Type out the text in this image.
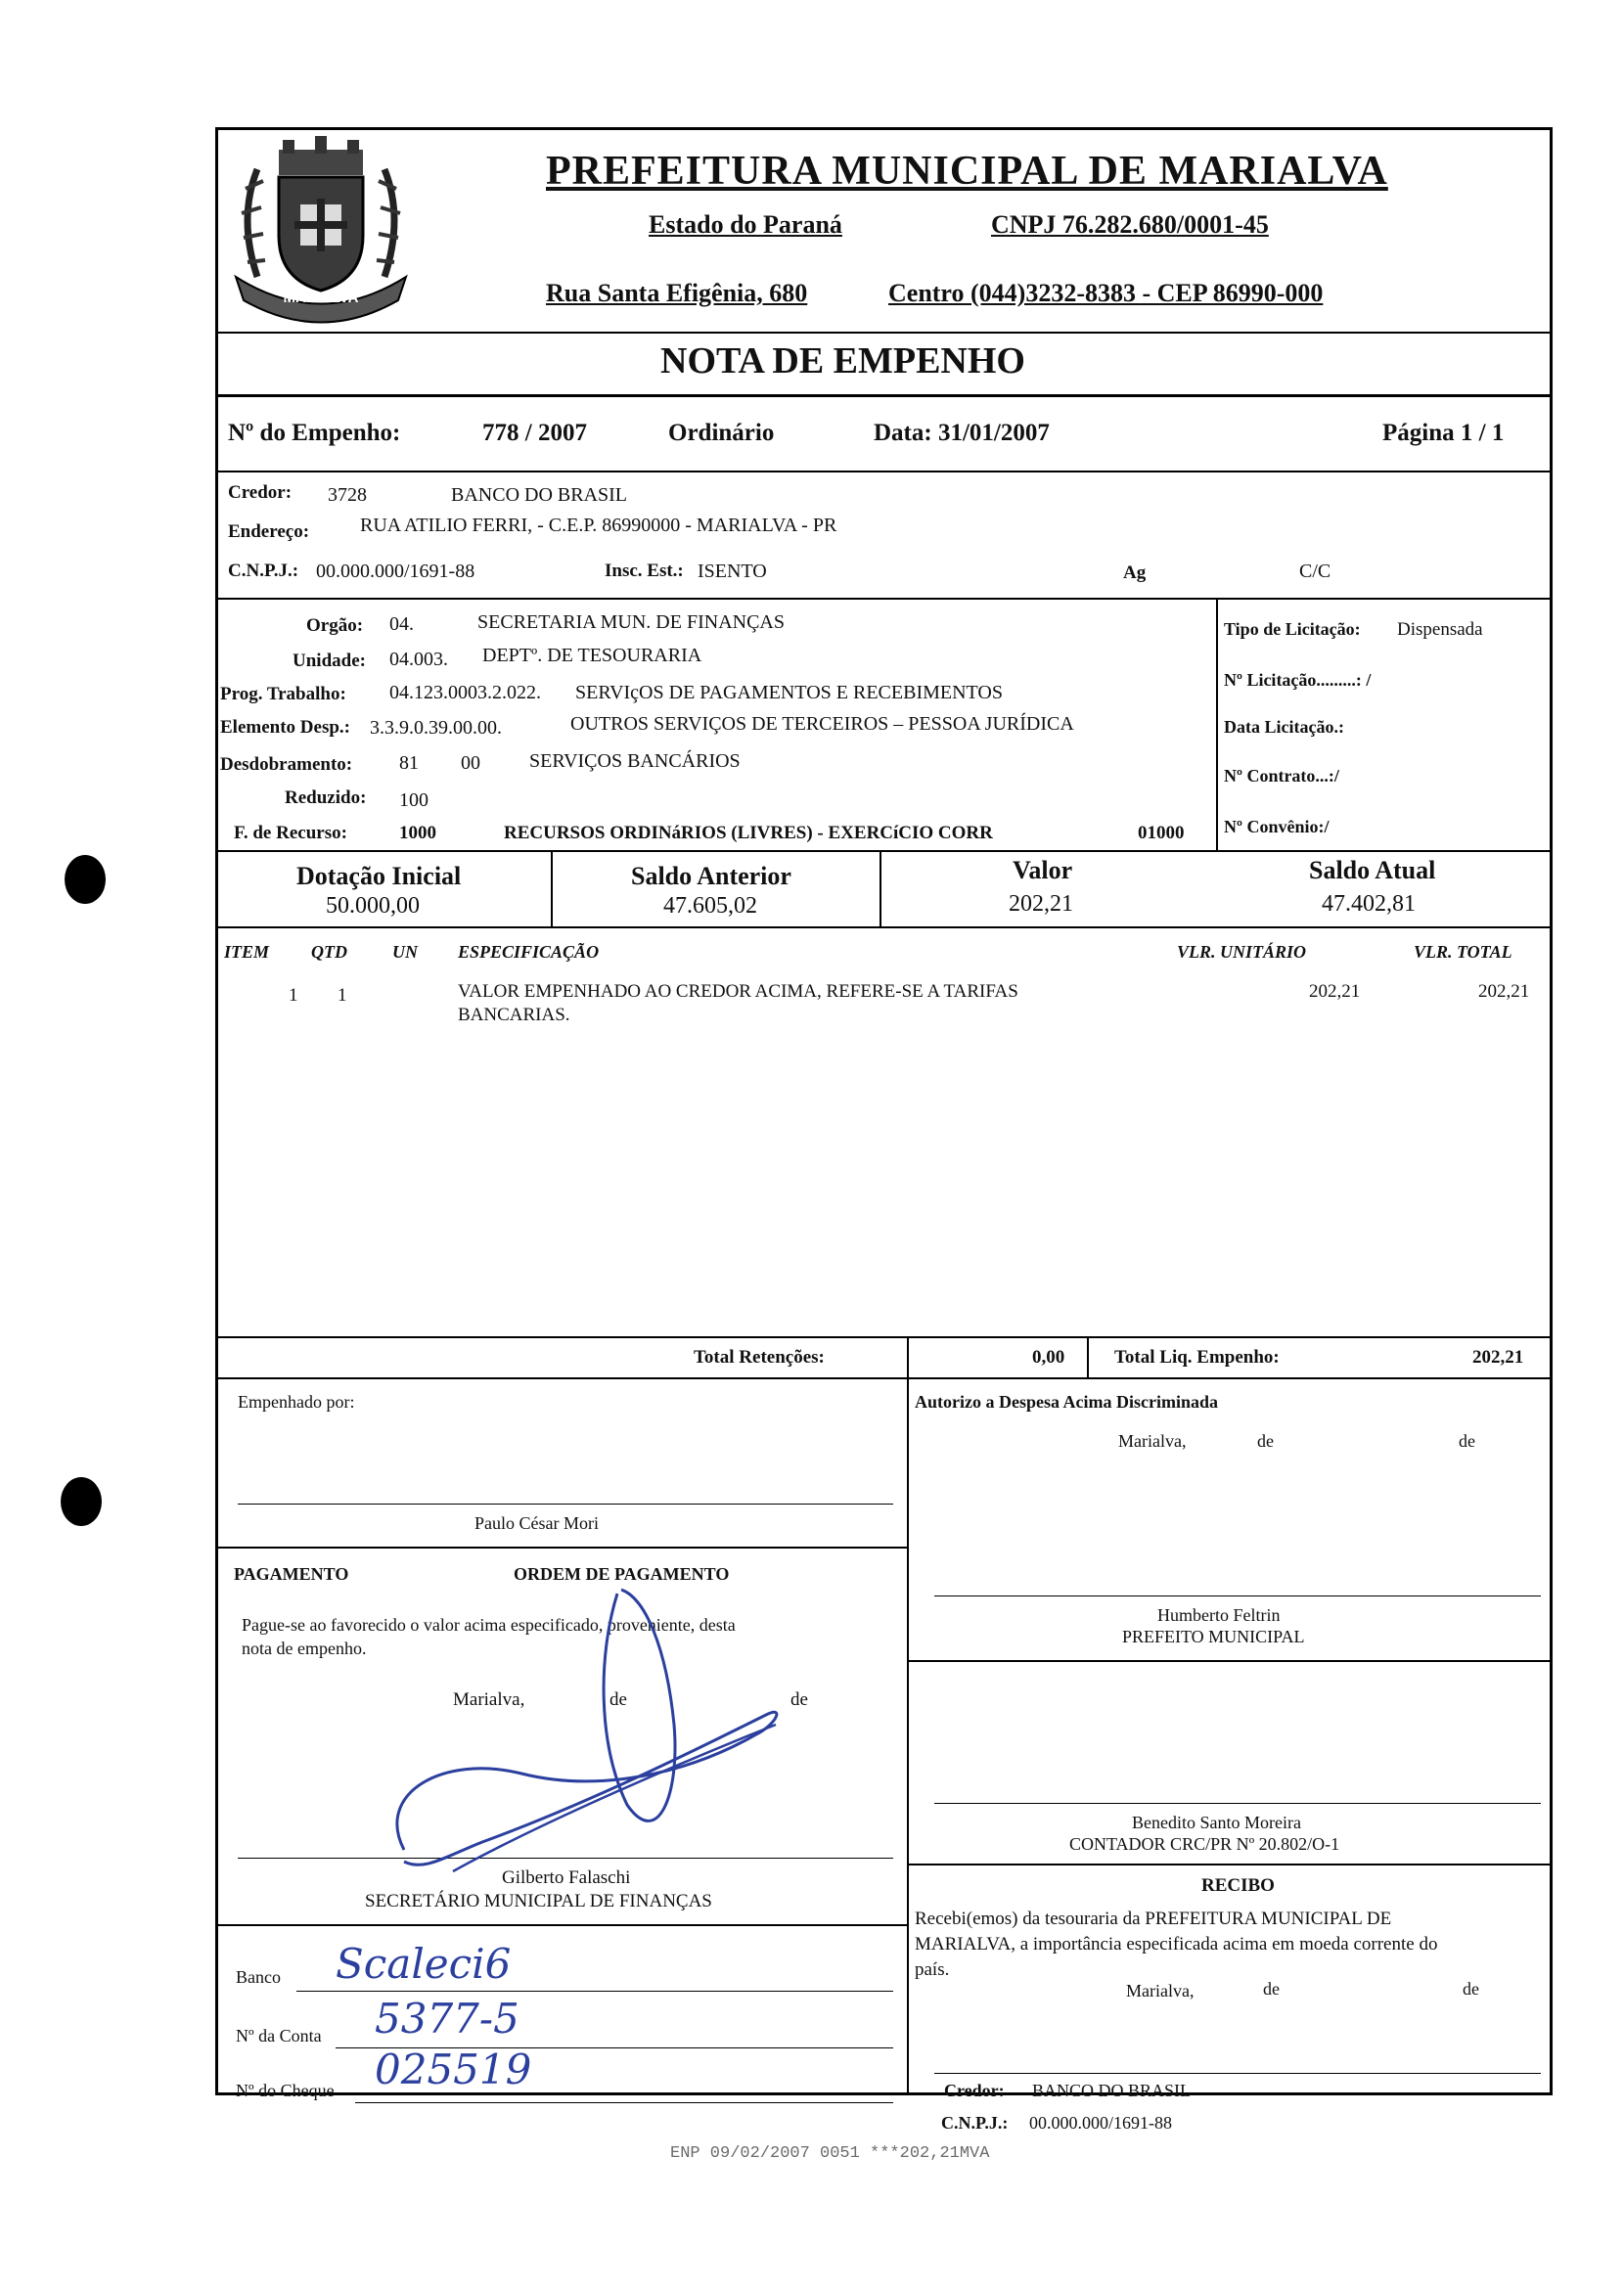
MARIALVA
PREFEITURA MUNICIPAL DE MARIALVA
Estado do Paraná	CNPJ 76.282.680/0001-45
Rua Santa Efigênia, 680	Centro (044)3232-8383 - CEP 86990-000
NOTA DE EMPENHO
Nº do Empenho:	778 / 2007	Ordinário	Data: 31/01/2007	Página 1 / 1
Credor: 3728	BANCO DO BRASIL
Endereço:	RUA ATILIO FERRI, - C.E.P. 86990000 - MARIALVA - PR
C.N.P.J.: 00.000.000/1691-88	Insc. Est.: ISENTO	Ag	C/C
Orgão: 04.	SECRETARIA MUN. DE FINANÇAS
Unidade: 04.003. DEPTº. DE TESOURARIA
Prog. Trabalho: 04.123.0003.2.022. SERVIçOS DE PAGAMENTOS E RECEBIMENTOS
Elemento Desp.: 3.3.9.0.39.00.00.	OUTROS SERVIÇOS DE TERCEIROS – PESSOA JURÍDICA
Desdobramento: 81 00	SERVIÇOS BANCÁRIOS
Reduzido: 100
F. de Recurso:	1000	RECURSOS ORDINáRIOS (LIVRES) - EXERCíCIO CORR	01000
Tipo de Licitação: Dispensada
Nº Licitação.........: /
Data Licitação.:
Nº Contrato...:/
Nº Convênio:/
Dotação Inicial
50.000,00
Saldo Anterior
47.605,02
Valor
202,21
Saldo Atual
47.402,81
ITEM QTD	UN ESPECIFICAÇÃO	VLR. UNITÁRIO	VLR. TOTAL
1 1	VALOR EMPENHADO AO CREDOR ACIMA, REFERE-SE A TARIFAS
BANCARIAS.
202,21	202,21
Total Retenções:	0,00	Total Liq. Empenho:	202,21
Empenhado por:
Paulo César Mori
PAGAMENTO	ORDEM DE PAGAMENTO
Pague-se ao favorecido o valor acima especificado, proveniente, desta
nota de empenho.
Marialva,	de	de
Gilberto Falaschi
SECRETÁRIO MUNICIPAL DE FINANÇAS
Banco Scaleci6
Nº da Conta 5377-5
Nº do Cheque 025519
Autorizo a Despesa Acima Discriminada
Marialva,	de	de
Humberto Feltrin
PREFEITO MUNICIPAL
Benedito Santo Moreira
CONTADOR CRC/PR Nº 20.802/O-1
RECIBO
Recebi(emos) da tesouraria da PREFEITURA MUNICIPAL DE
MARIALVA, a importância especificada acima em moeda corrente do
país.
Marialva,	de	de
Credor: BANCO DO BRASIL
C.N.P.J.: 00.000.000/1691-88
ENP 09/02/2007 0051 ***202,21MVA
